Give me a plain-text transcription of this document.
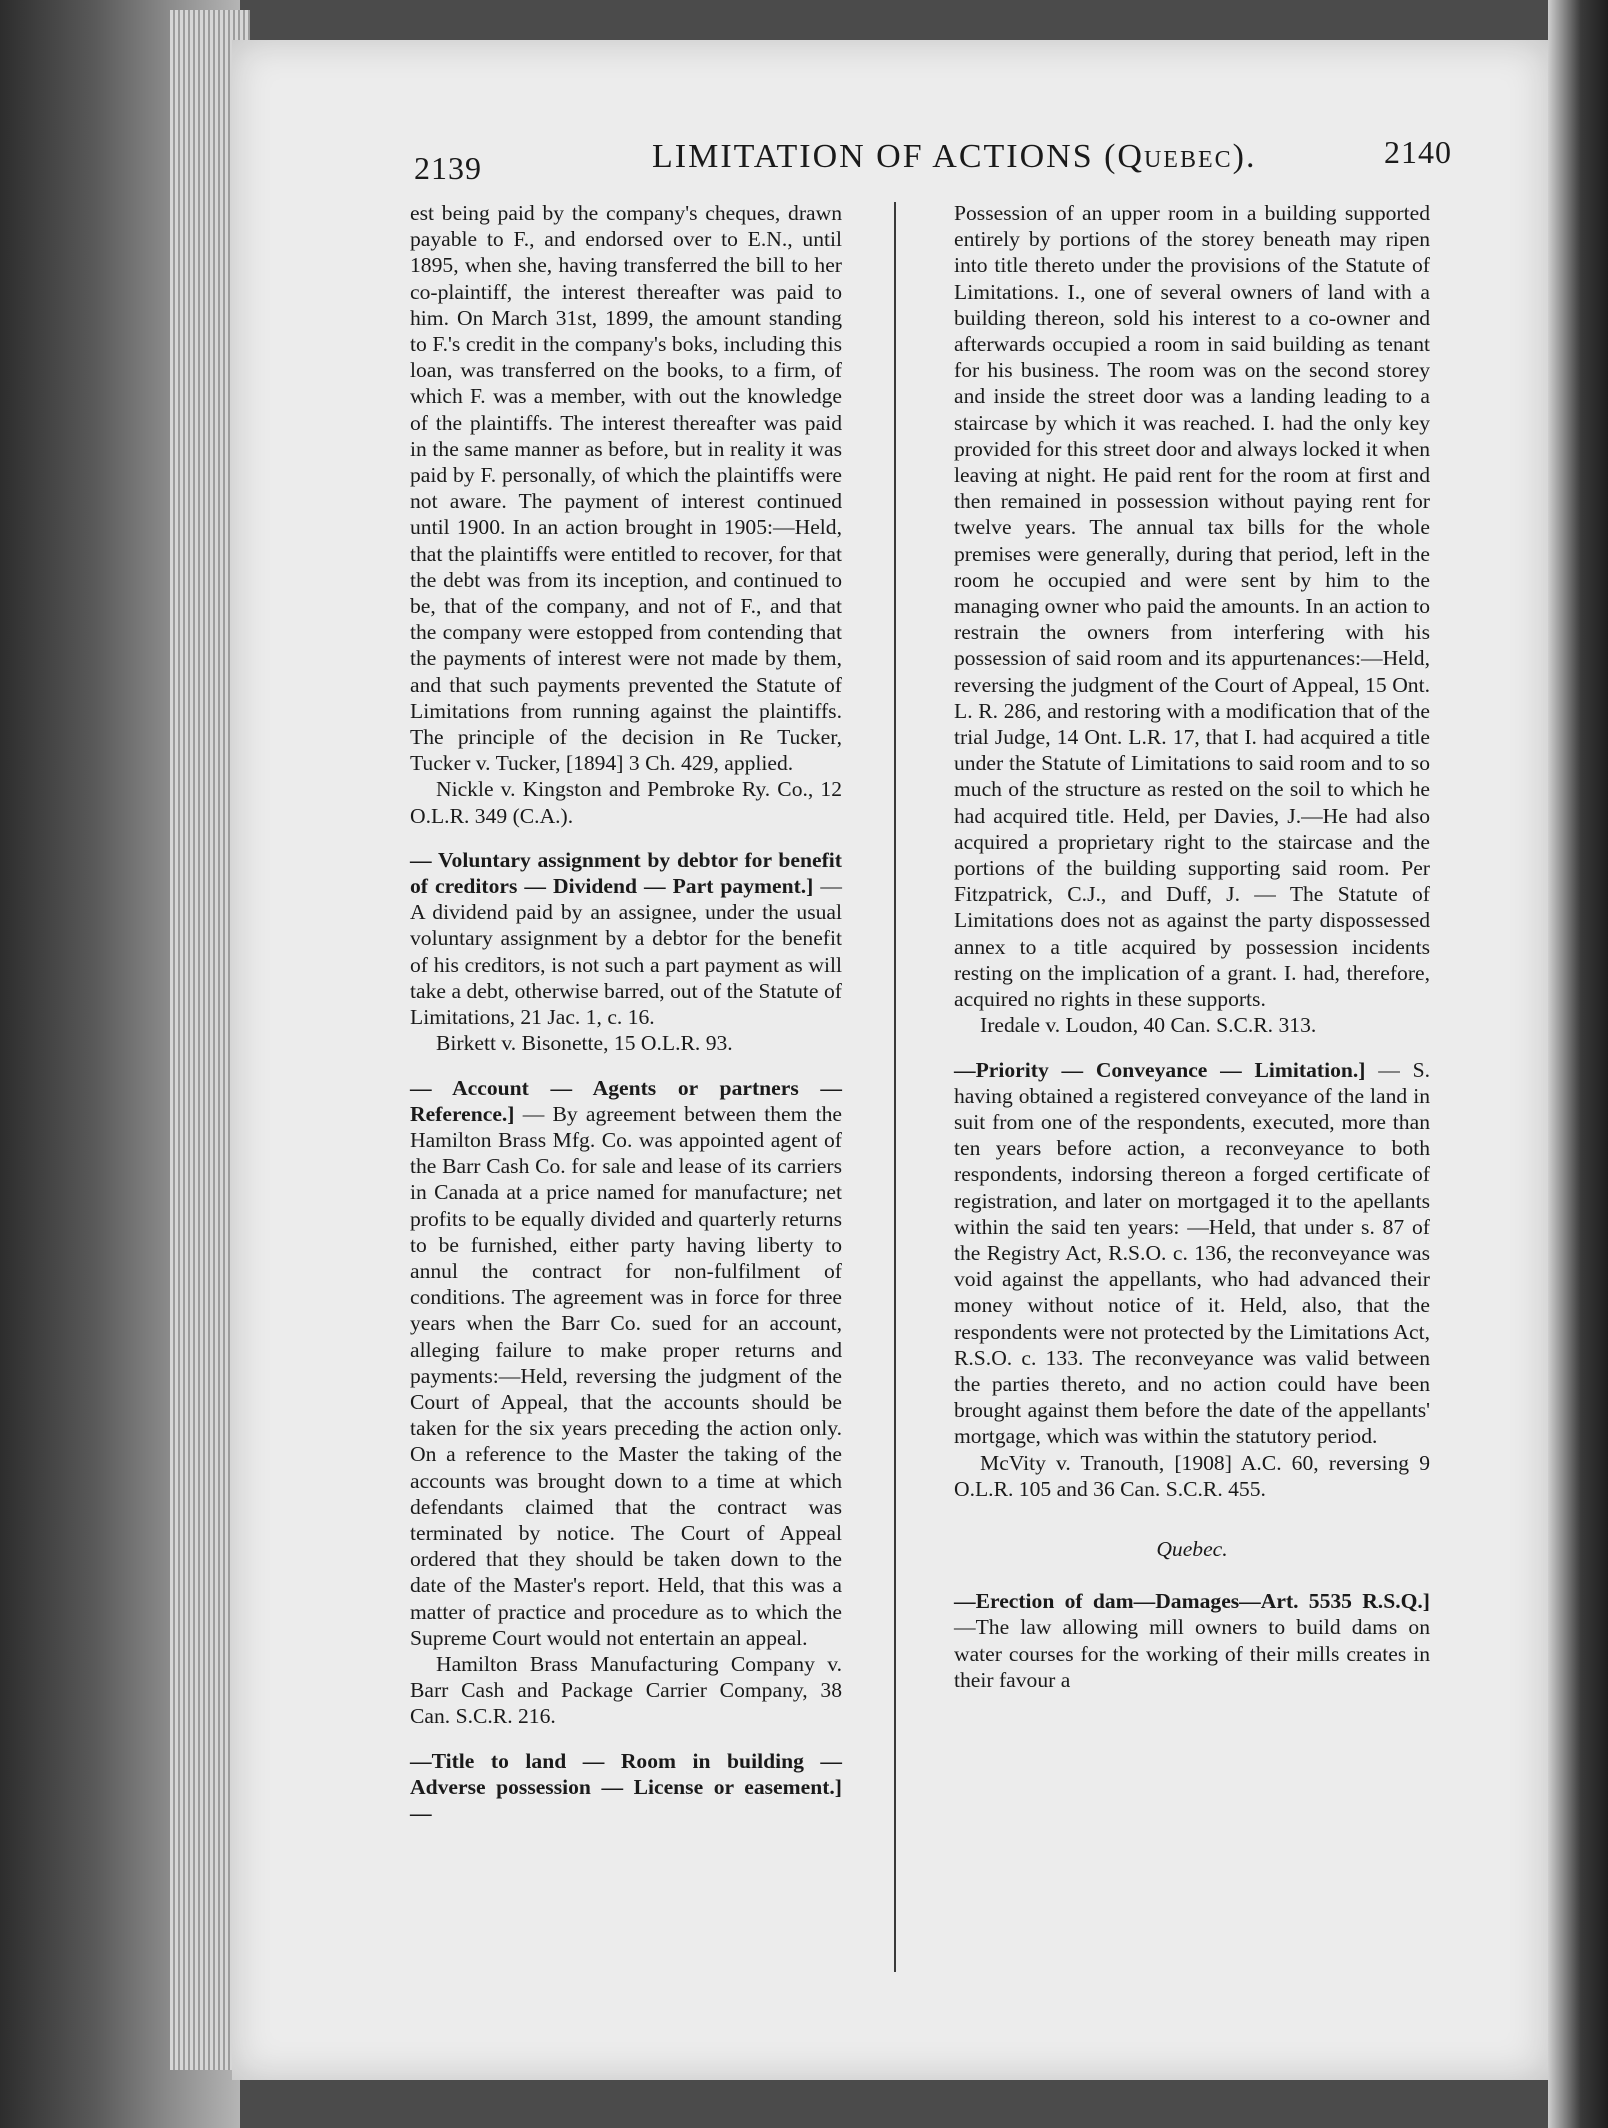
2139	LIMITATION OF ACTIONS (Quebec).	2140

est being paid by the company's cheques, drawn payable to F., and endorsed over to E.N., until 1895, when she, having transferred the bill to her co-plaintiff, the interest thereafter was paid to him. On March 31st, 1899, the amount standing to F.'s credit in the company's boks, including this loan, was transferred on the books, to a firm, of which F. was a member, with out the knowledge of the plaintiffs. The interest thereafter was paid in the same manner as before, but in reality it was paid by F. personally, of which the plaintiffs were not aware. The payment of interest continued until 1900. In an action brought in 1905:—Held, that the plaintiffs were entitled to recover, for that the debt was from its inception, and continued to be, that of the company, and not of F., and that the company were estopped from contending that the payments of interest were not made by them, and that such payments prevented the Statute of Limitations from running against the plaintiffs. The principle of the decision in Re Tucker, Tucker v. Tucker, [1894] 3 Ch. 429, applied.

Nickle v. Kingston and Pembroke Ry. Co., 12 O.L.R. 349 (C.A.).

— Voluntary assignment by debtor for benefit of creditors — Dividend — Part payment.] — A dividend paid by an assignee, under the usual voluntary assignment by a debtor for the benefit of his creditors, is not such a part payment as will take a debt, otherwise barred, out of the Statute of Limitations, 21 Jac. 1, c. 16.

Birkett v. Bisonette, 15 O.L.R. 93.

— Account — Agents or partners — Reference.] — By agreement between them the Hamilton Brass Mfg. Co. was appointed agent of the Barr Cash Co. for sale and lease of its carriers in Canada at a price named for manufacture; net profits to be equally divided and quarterly returns to be furnished, either party having liberty to annul the contract for non-fulfilment of conditions. The agreement was in force for three years when the Barr Co. sued for an account, alleging failure to make proper returns and payments:—Held, reversing the judgment of the Court of Appeal, that the accounts should be taken for the six years preceding the action only. On a reference to the Master the taking of the accounts was brought down to a time at which defendants claimed that the contract was terminated by notice. The Court of Appeal ordered that they should be taken down to the date of the Master's report. Held, that this was a matter of practice and procedure as to which the Supreme Court would not entertain an appeal.

Hamilton Brass Manufacturing Company v. Barr Cash and Package Carrier Company, 38 Can. S.C.R. 216.

—Title to land — Room in building — Adverse possession — License or easement.] —

Possession of an upper room in a building supported entirely by portions of the storey beneath may ripen into title thereto under the provisions of the Statute of Limitations. I., one of several owners of land with a building thereon, sold his interest to a co-owner and afterwards occupied a room in said building as tenant for his business. The room was on the second storey and inside the street door was a landing leading to a staircase by which it was reached. I. had the only key provided for this street door and always locked it when leaving at night. He paid rent for the room at first and then remained in possession without paying rent for twelve years. The annual tax bills for the whole premises were generally, during that period, left in the room he occupied and were sent by him to the managing owner who paid the amounts. In an action to restrain the owners from interfering with his possession of said room and its appurtenances:—Held, reversing the judgment of the Court of Appeal, 15 Ont. L. R. 286, and restoring with a modification that of the trial Judge, 14 Ont. L.R. 17, that I. had acquired a title under the Statute of Limitations to said room and to so much of the structure as rested on the soil to which he had acquired title. Held, per Davies, J.—He had also acquired a proprietary right to the staircase and the portions of the building supporting said room. Per Fitzpatrick, C.J., and Duff, J. — The Statute of Limitations does not as against the party dispossessed annex to a title acquired by possession incidents resting on the implication of a grant. I. had, therefore, acquired no rights in these supports.

Iredale v. Loudon, 40 Can. S.C.R. 313.

—Priority — Conveyance — Limitation.] — S. having obtained a registered conveyance of the land in suit from one of the respondents, executed, more than ten years before action, a reconveyance to both respondents, indorsing thereon a forged certificate of registration, and later on mortgaged it to the apellants within the said ten years: —Held, that under s. 87 of the Registry Act, R.S.O. c. 136, the reconveyance was void against the appellants, who had advanced their money without notice of it. Held, also, that the respondents were not protected by the Limitations Act, R.S.O. c. 133. The reconveyance was valid between the parties thereto, and no action could have been brought against them before the date of the appellants' mortgage, which was within the statutory period.

McVity v. Tranouth, [1908] A.C. 60, reversing 9 O.L.R. 105 and 36 Can. S.C.R. 455.

Quebec.

—Erection of dam—Damages—Art. 5535 R.S.Q.]—The law allowing mill owners to build dams on water courses for the working of their mills creates in their favour a
